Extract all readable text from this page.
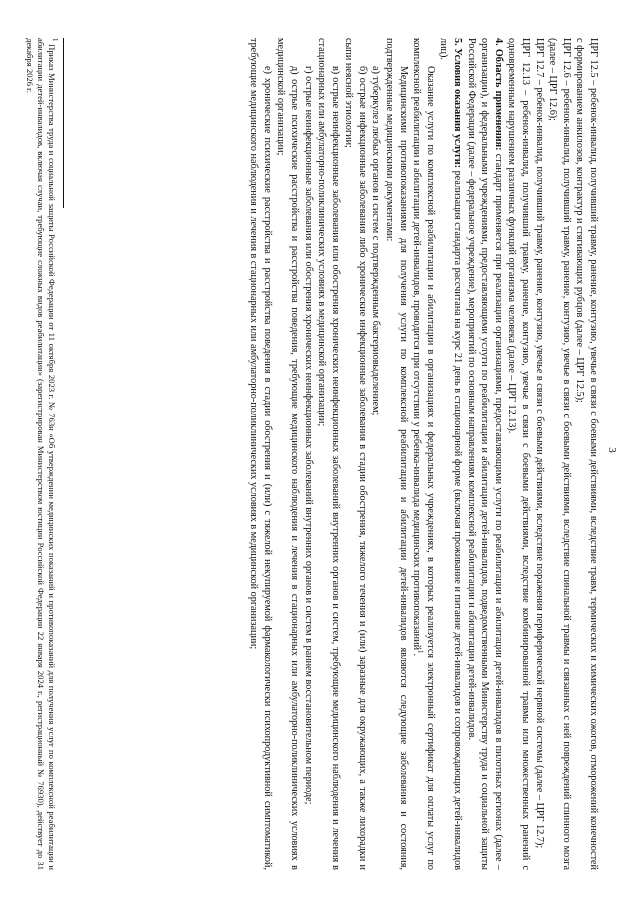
3

ЦРГ 12.5 – ребенок-инвалид, получивший травму, ранение, контузию, увечье в связи с боевыми действиями, вследствие травм, термических и химических ожогов, отморожений конечностей с формированием анкилозов, контрактур и стягивающих рубцов (далее – ЦРГ 12.5);

ЦРГ 12.6 – ребенок-инвалид, получивший травму, ранение, контузию, увечье в связи с боевыми действиями, вследствие спинальной травмы и связанных с ней повреждений спинного мозга (далее – ЦРГ 12.6);

ЦРГ 12.7 – ребенок-инвалид, получивший травму, ранение, контузию, увечье в связи с боевыми действиями, вследствие поражения периферической нервной системы (далее – ЦРГ 12.7);

ЦРГ 12.13 – ребенок-инвалид, получивший травму, ранение, контузию, увечье в связи с боевыми действиями, вследствие комбинированной травмы или множественных ранений с одновременным нарушением различных функций организма человека (далее – ЦРГ 12.13).

4. Область применения: стандарт применяется при реализации организациями, предоставляющими услуги по реабилитации и абилитации детей-инвалидов в пилотных регионах (далее – организации), и федеральными учреждениями, предоставляющими услуги по реабилитации и абилитации детей-инвалидов, подведомственными Министерству труда и социальной защиты Российской Федерации (далее – федеральное учреждение), мероприятий по основным направлениям комплексной реабилитации и абилитации детей-инвалидов.

5. Условия оказания услуги: реализация стандарта рассчитана на курс 21 день в стационарной форме (включая проживание и питание детей-инвалидов и сопровождающих детей-инвалидов лиц).

Оказание услуги по комплексной реабилитации и абилитации в организациях и федеральных учреждениях, в которых реализуется электронный сертификат для оплаты услуг по комплексной реабилитации и абилитации детей-инвалидов, проводится при отсутствии у ребенка-инвалида медицинских противопоказаний$^1$.

Медицинскими противопоказаниями для получения услуги по комплексной реабилитации и абилитации детей-инвалидов являются следующие заболевания и состояния, подтвержденные медицинскими документами:

а) туберкулез любых органов и систем с подтвержденным бактериовыделением;

б) острые инфекционные заболевания либо хронические инфекционные заболевания в стадии обострения, тяжелого течения и (или) заразные для окружающих, а также лихорадки и сыпи неясной этиологии;

в) острые неинфекционные заболевания или обострения хронических неинфекционных заболеваний внутренних органов и систем, требующие медицинского наблюдения и лечения в стационарных или амбулаторно-поликлинических условиях в медицинской организации;

г) острые неинфекционные заболевания или обострения хронических неинфекционных заболеваний внутренних органов и систем в раннем восстановительном периоде;

д) острые психические расстройства и расстройства поведения, требующие медицинского наблюдения и лечения в стационарных или амбулаторно-поликлинических условиях в медицинской организации;

е) хронические психические расстройства и расстройства поведения в стадии обострения и (или) с тяжелой некупируемой фармакологически психопродуктивной симптоматикой, требующие медицинского наблюдения и лечения в стационарных или амбулаторно-поликлинических условиях в медицинской организации;

$^1$ Приказ Министерства труда и социальной защиты Российской Федерации от 11 октября 2023 г. № 763н «Об утверждении медицинских показаний и противопоказаний для получения услуг по комплексной реабилитации и абилитации детей-инвалидов, включая случаи, требующие сложных видов реабилитации» (зарегистрирован Министерством юстиции Российской Федерации 22 января 2024 г., регистрационный № 76930), действует до 31 декабря 2026 г.
